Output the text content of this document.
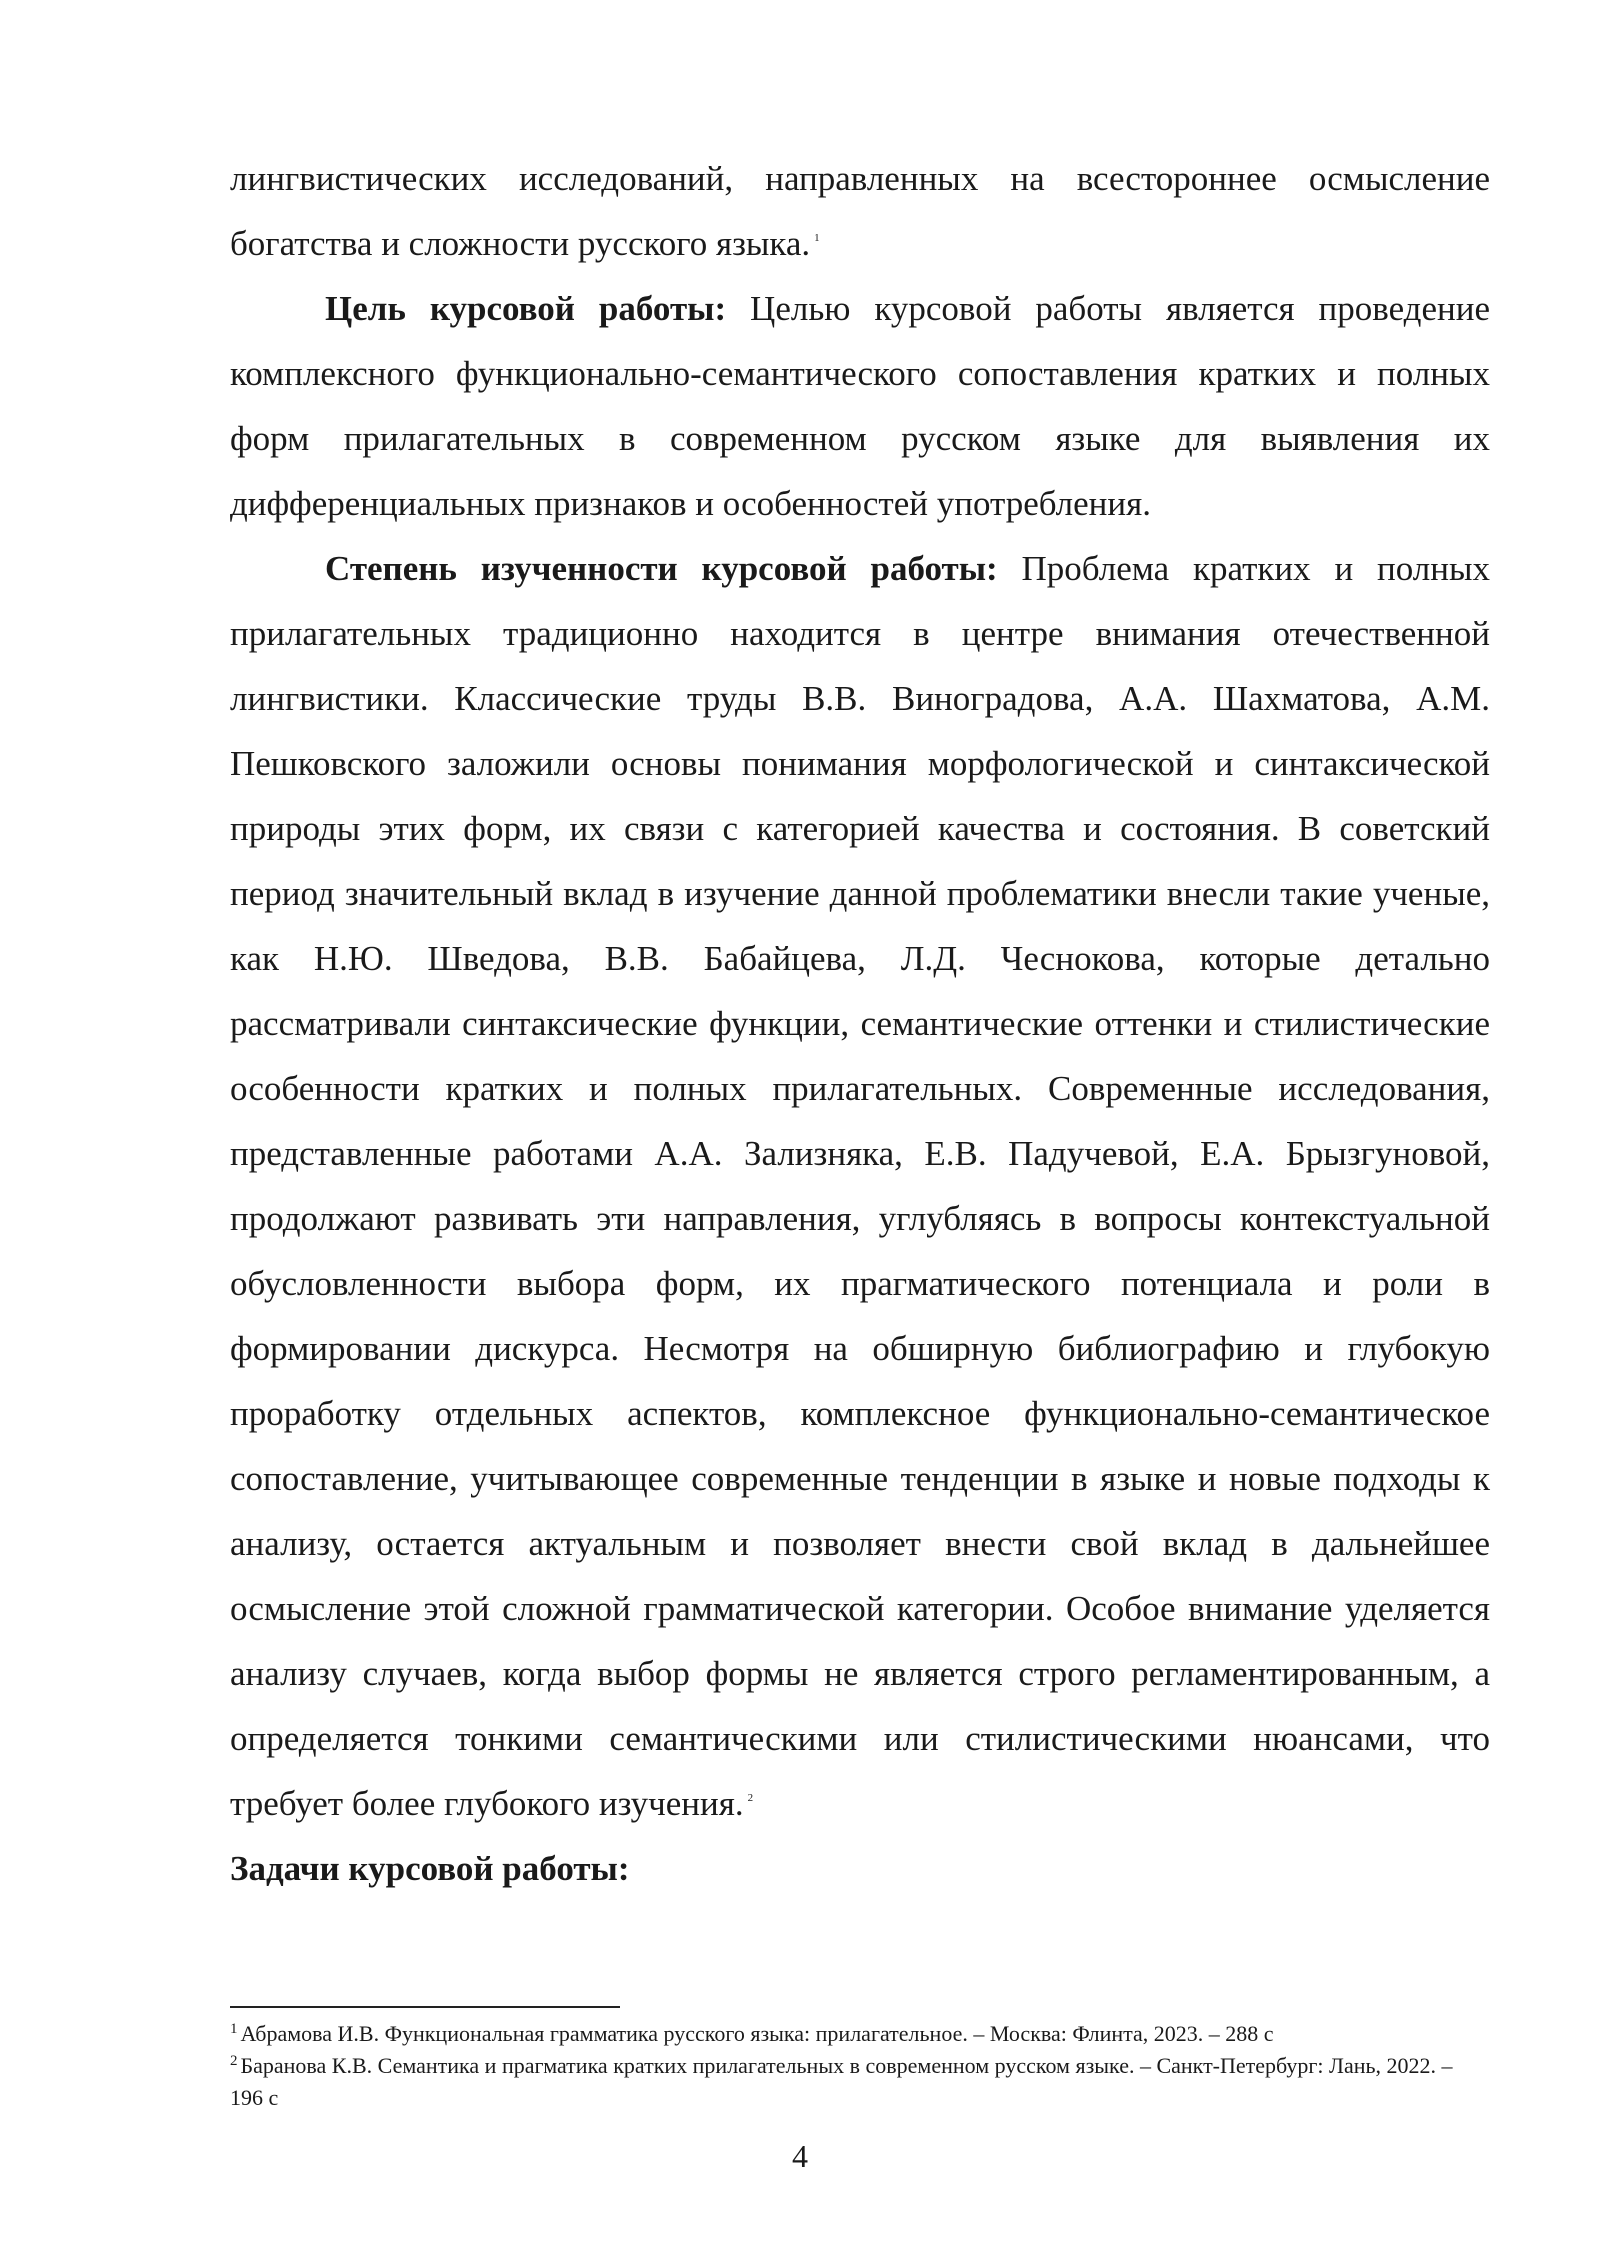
лингвистических исследований, направленных на всестороннее осмысление богатства и сложности русского языка. $^1$

Цель курсовой работы: Целью курсовой работы является проведение комплексного функционально-семантического сопоставления кратких и полных форм прилагательных в современном русском языке для выявления их дифференциальных признаков и особенностей употребления.

Степень изученности курсовой работы: Проблема кратких и полных прилагательных традиционно находится в центре внимания отечественной лингвистики. Классические труды В.В. Виноградова, А.А. Шахматова, А.М. Пешковского заложили основы понимания морфологической и синтаксической природы этих форм, их связи с категорией качества и состояния. В советский период значительный вклад в изучение данной проблематики внесли такие ученые, как Н.Ю. Шведова, В.В. Бабайцева, Л.Д. Чеснокова, которые детально рассматривали синтаксические функции, семантические оттенки и стилистические особенности кратких и полных прилагательных. Современные исследования, представленные работами А.А. Зализняка, Е.В. Падучевой, Е.А. Брызгуновой, продолжают развивать эти направления, углубляясь в вопросы контекстуальной обусловленности выбора форм, их прагматического потенциала и роли в формировании дискурса. Несмотря на обширную библиографию и глубокую проработку отдельных аспектов, комплексное функционально-семантическое сопоставление, учитывающее современные тенденции в языке и новые подходы к анализу, остается актуальным и позволяет внести свой вклад в дальнейшее осмысление этой сложной грамматической категории. Особое внимание уделяется анализу случаев, когда выбор формы не является строго регламентированным, а определяется тонкими семантическими или стилистическими нюансами, что требует более глубокого изучения. $^2$

Задачи курсовой работы:

$^1$ Абрамова И.В. Функциональная грамматика русского языка: прилагательное. – Москва: Флинта, 2023. – 288 с

$^2$ Баранова К.В. Семантика и прагматика кратких прилагательных в современном русском языке. – Санкт-Петербург: Лань, 2022. – 196 с

4
